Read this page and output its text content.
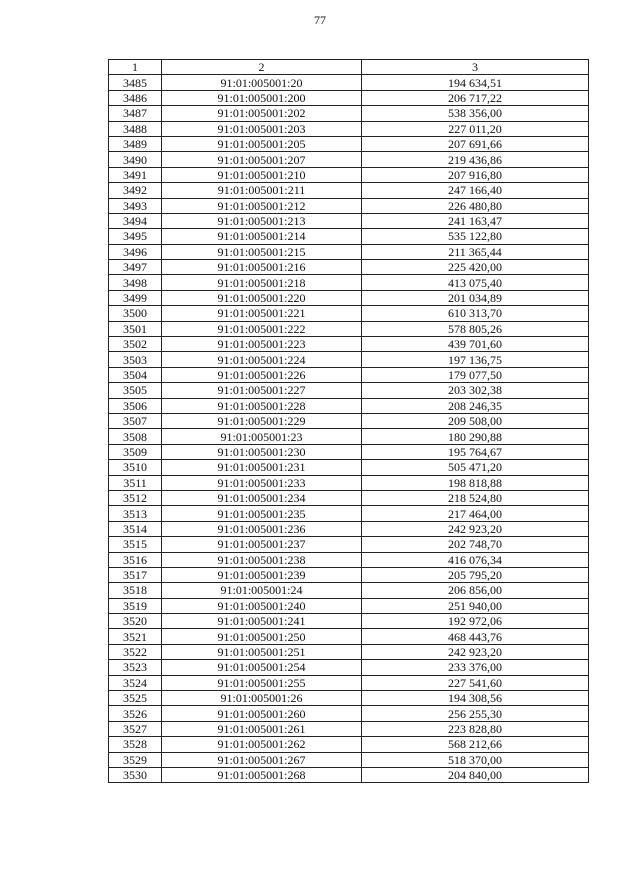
77
1	2	3
3485	91:01:005001:20	194 634,51
3486	91:01:005001:200	206 717,22
3487	91:01:005001:202	538 356,00
3488	91:01:005001:203	227 011,20
3489	91:01:005001:205	207 691,66
3490	91:01:005001:207	219 436,86
3491	91:01:005001:210	207 916,80
3492	91:01:005001:211	247 166,40
3493	91:01:005001:212	226 480,80
3494	91:01:005001:213	241 163,47
3495	91:01:005001:214	535 122,80
3496	91:01:005001:215	211 365,44
3497	91:01:005001:216	225 420,00
3498	91:01:005001:218	413 075,40
3499	91:01:005001:220	201 034,89
3500	91:01:005001:221	610 313,70
3501	91:01:005001:222	578 805,26
3502	91:01:005001:223	439 701,60
3503	91:01:005001:224	197 136,75
3504	91:01:005001:226	179 077,50
3505	91:01:005001:227	203 302,38
3506	91:01:005001:228	208 246,35
3507	91:01:005001:229	209 508,00
3508	91:01:005001:23	180 290,88
3509	91:01:005001:230	195 764,67
3510	91:01:005001:231	505 471,20
3511	91:01:005001:233	198 818,88
3512	91:01:005001:234	218 524,80
3513	91:01:005001:235	217 464,00
3514	91:01:005001:236	242 923,20
3515	91:01:005001:237	202 748,70
3516	91:01:005001:238	416 076,34
3517	91:01:005001:239	205 795,20
3518	91:01:005001:24	206 856,00
3519	91:01:005001:240	251 940,00
3520	91:01:005001:241	192 972,06
3521	91:01:005001:250	468 443,76
3522	91:01:005001:251	242 923,20
3523	91:01:005001:254	233 376,00
3524	91:01:005001:255	227 541,60
3525	91:01:005001:26	194 308,56
3526	91:01:005001:260	256 255,30
3527	91:01:005001:261	223 828,80
3528	91:01:005001:262	568 212,66
3529	91:01:005001:267	518 370,00
3530	91:01:005001:268	204 840,00
